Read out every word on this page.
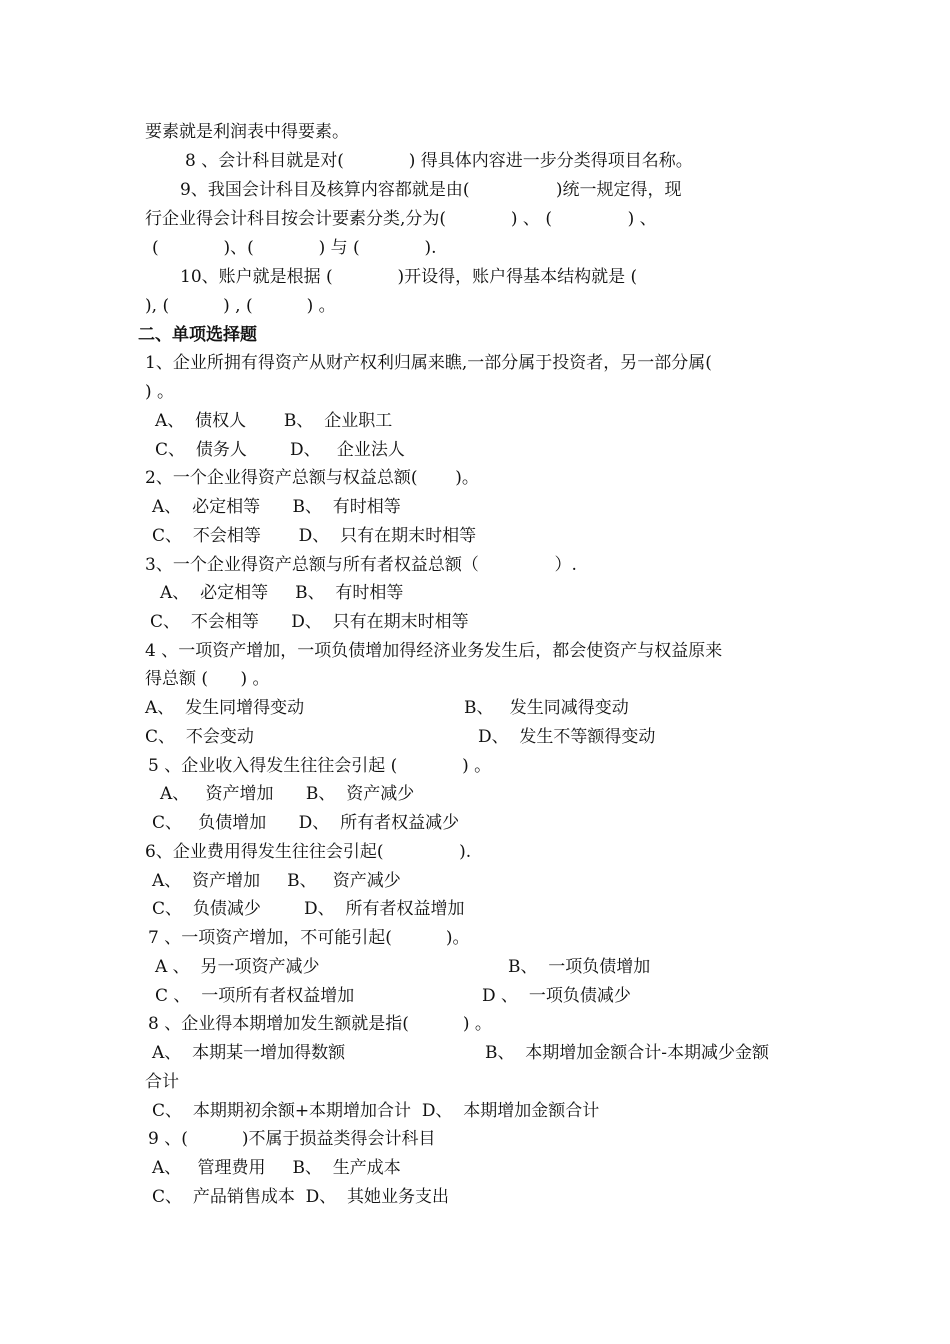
要素就是利润表中得要素。
8 、会计科目就是对(            ) 得具体内容进一步分类得项目名称。
9、我国会计科目及核算内容都就是由(                )统一规定得，现
行企业得会计科目按会计要素分类,分为(            ) 、 (              ) 、
(            )、(            ) 与 (            ).
10、账户就是根据 (            )开设得，账户得基本结构就是 (
), (          ) , (          ) 。
二、单项选择题
1、企业所拥有得资产从财产权利归属来瞧,一部分属于投资者，另一部分属(
) 。
A、  债权人       B、  企业职工
C、  债务人        D、   企业法人
2、一个企业得资产总额与权益总额(       )。
A、  必定相等      B、  有时相等
C、  不会相等       D、  只有在期末时相等
3、一个企业得资产总额与所有者权益总额（              ）.
A、  必定相等     B、  有时相等
C、  不会相等      D、  只有在期末时相等
4 、一项资产增加，一项负债增加得经济业务发生后，都会使资产与权益原来
得总额 (      ) 。
A、  发生同增得变动	B、   发生同减得变动
C、  不会变动	D、  发生不等额得变动
5 、企业收入得发生往往会引起 (            ) 。
A、   资产增加      B、  资产减少
C、   负债增加      D、  所有者权益减少
6、企业费用得发生往往会引起(              ).
A、  资产增加     B、   资产减少
C、  负债减少        D、  所有者权益增加
7 、一项资产增加，不可能引起(          )。
A 、  另一项资产减少	B、  一项负债增加
C 、  一项所有者权益增加	D 、  一项负债减少
8 、企业得本期增加发生额就是指(          ) 。
A、  本期某一增加得数额	B、  本期增加金额合计-本期减少金额
合计
C、  本期期初余额+本期增加合计  D、  本期增加金额合计
9 、(          )不属于损益类得会计科目
A、   管理费用     B、  生产成本
C、  产品销售成本  D、  其她业务支出
